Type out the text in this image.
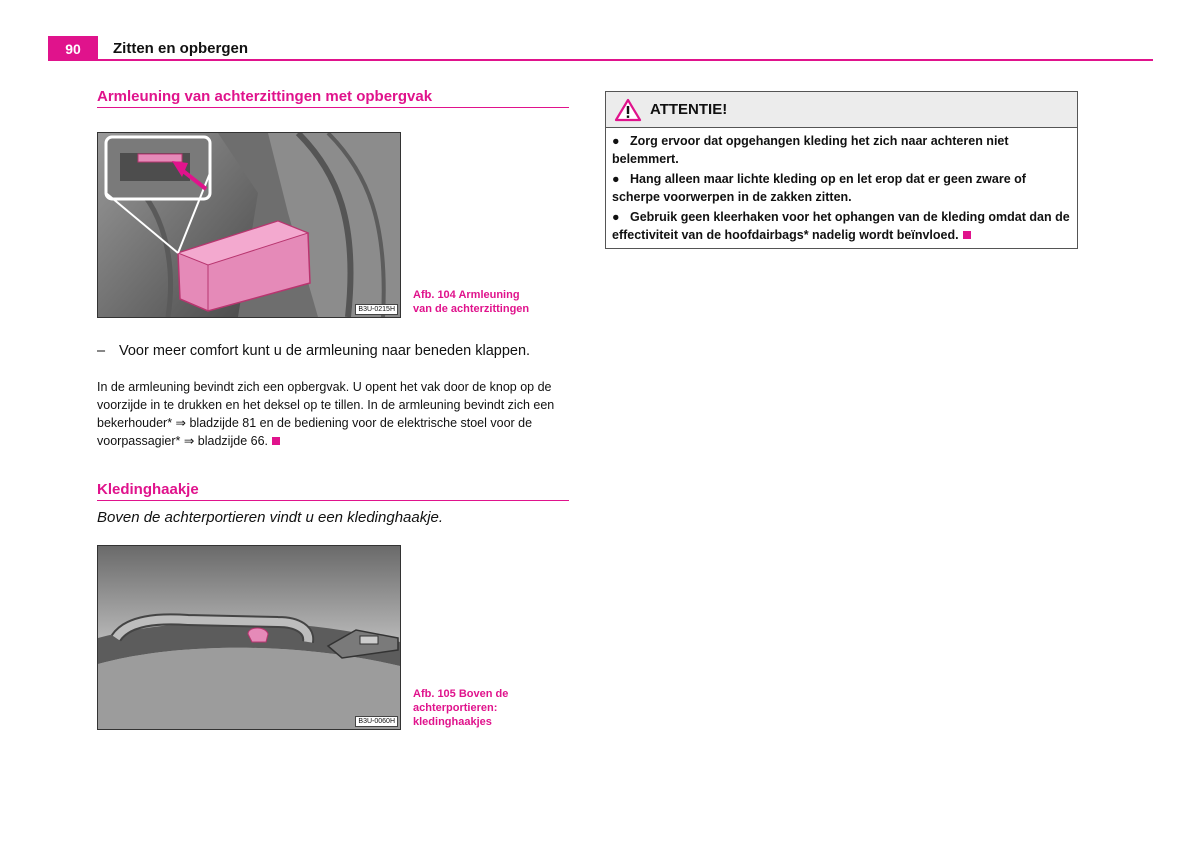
90	Zitten en opbergen
Armleuning van achterzittingen met opbergvak
B3U-0215H
Afb. 104 Armleuning
van de achterzittingen
– Voor meer comfort kunt u de armleuning naar beneden klappen.
In de armleuning bevindt zich een opbergvak. U opent het vak door de knop op de voorzijde in te drukken en het deksel op te tillen. In de armleuning bevindt zich een bekerhouder* ⇒ bladzijde 81 en de bediening voor de elektrische stoel voor de voorpassagier* ⇒ bladzijde 66.
Kledinghaakje
Boven de achterportieren vindt u een kledinghaakje.
B3U-0060H
Afb. 105 Boven de
achterportieren:
kledinghaakjes
ATTENTIE!
● Zorg ervoor dat opgehangen kleding het zich naar achteren niet belemmert.
● Hang alleen maar lichte kleding op en let erop dat er geen zware of scherpe voorwerpen in de zakken zitten.
● Gebruik geen kleerhaken voor het ophangen van de kleding omdat dan de effectiviteit van de hoofdairbags* nadelig wordt beïnvloed.
